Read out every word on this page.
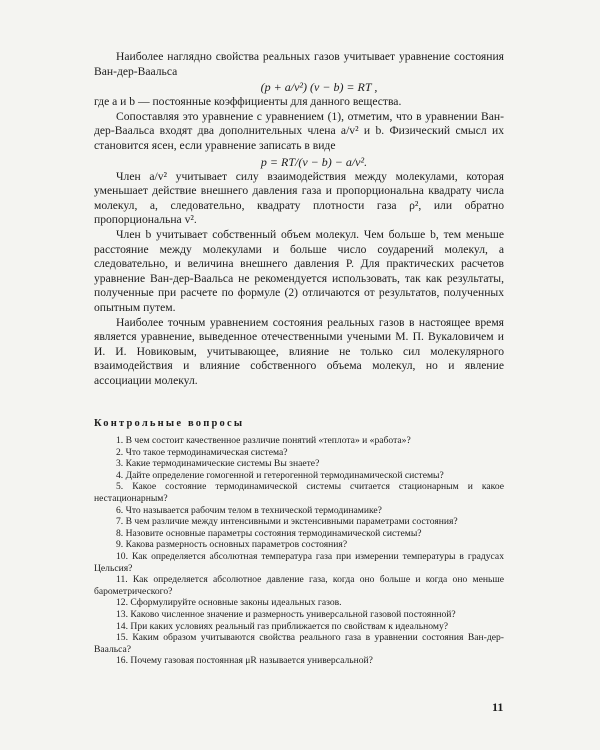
Наиболее наглядно свойства реальных газов учитывает уравнение состояния Ван-дер-Ваальса

(p + a/v²) (v − b) = RT ,

где a и b — постоянные коэффициенты для данного вещества.

Сопоставляя это уравнение с уравнением (1), отметим, что в уравнении Ван-дер-Ваальса входят два дополнительных члена a/v² и b. Физический смысл их становится ясен, если уравнение записать в виде

p = RT/(v − b) − a/v².

Член a/v² учитывает силу взаимодействия между молекулами, которая уменьшает действие внешнего давления газа и пропорциональна квадрату числа молекул, а, следовательно, квадрату плотности газа ρ², или обратно пропорциональна v².

Член b учитывает собственный объем молекул. Чем больше b, тем меньше расстояние между молекулами и больше число соударений молекул, а следовательно, и величина внешнего давления P. Для практических расчетов уравнение Ван-дер-Ваальса не рекомендуется использовать, так как результаты, полученные при расчете по формуле (2) отличаются от результатов, полученных опытным путем.

Наиболее точным уравнением состояния реальных газов в настоящее время является уравнение, выведенное отечественными учеными М. П. Вукаловичем и И. И. Новиковым, учитывающее, влияние не только сил молекулярного взаимодействия и влияние собственного объема молекул, но и явление ассоциации молекул.

Контрольные вопросы

1. В чем состоит качественное различие понятий «теплота» и «работа»?

2. Что такое термодинамическая система?

3. Какие термодинамические системы Вы знаете?

4. Дайте определение гомогенной и гетерогенной термодинамической системы?

5. Какое состояние термодинамической системы считается стационарным и какое нестационарным?

6. Что называется рабочим телом в технической термодинамике?

7. В чем различие между интенсивными и экстенсивными параметрами состояния?

8. Назовите основные параметры состояния термодинамической системы?

9. Какова размерность основных параметров состояния?

10. Как определяется абсолютная температура газа при измерении температуры в градусах Цельсия?

11. Как определяется абсолютное давление газа, когда оно больше и когда оно меньше барометрического?

12. Сформулируйте основные законы идеальных газов.

13. Каково численное значение и размерность универсальной газовой постоянной?

14. При каких условиях реальный газ приближается по свойствам к идеальному?

15. Каким образом учитываются свойства реального газа в уравнении состояния Ван-дер-Ваальса?

16. Почему газовая постоянная μR называется универсальной?

11
